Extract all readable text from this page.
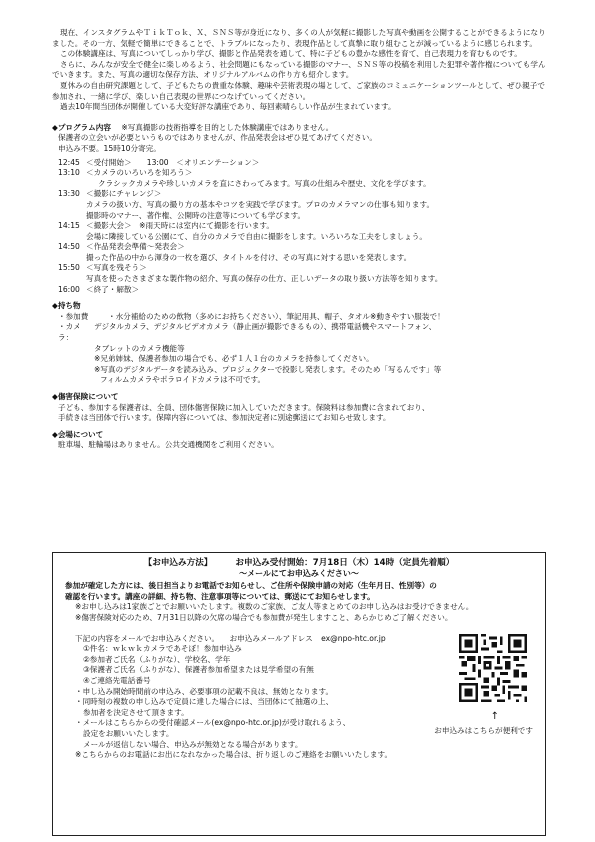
現在、インスタグラムやＴｉｋＴｏｋ、Ｘ、ＳＮＳ等が身近になり、多くの人が気軽に撮影した写真や動画を公開することができるようになりました。その一方、気軽で簡単にできることで、トラブルになったり、表現作品として真摯に取り組むことが減っているように感じられます。

この体験講座は、写真についてしっかり学び、撮影と作品発表を通して、特に子どもの豊かな感性を育て、自己表現力を育むものです。

さらに、みんなが安全で健全に楽しめるよう、社会問題にもなっている撮影のマナー、ＳＮＳ等の投稿を利用した犯罪や著作権についても学んでいきます。また、写真の適切な保存方法、オリジナルアルバムの作り方も紹介します。

夏休みの自由研究課題として、子どもたちの貴重な体験、趣味や芸術表現の場として、ご家族のコミュニケーションツールとして、ぜひ親子で参加され、一緒に学び、楽しい自己表現の世界につなげていってください。

過去10年間当団体が開催している大変好評な講座であり、毎回素晴らしい作品が生まれています。

◆プログラム内容 ※写真撮影の技術指導を目的とした体験講座ではありません。

保護者の立会いが必要というものではありませんが、作品発表会はぜひ見てあげてください。

申込み不要。15時10分寄完。

12:45 ＜受付開始＞　　13:00　＜オリエンテーション＞
13:10 ＜カメラのいろいろを知ろう＞

クラシックカメラや珍しいカメラを直にさわってみます。写真の仕組みや歴史、文化を学びます。

13:30 ＜撮影にチャレンジ＞

カメラの扱い方、写真の撮り方の基本やコツを実践で学びます。プロのカメラマンの仕事も知ります。

撮影時のマナー、著作権、公開時の注意等についても学びます。

14:15 ＜撮影大会＞　※雨天時には室内にて撮影を行います。

会場に隣接している公園にて、自分のカメラで自由に撮影をします。いろいろな工夫をしましょう。

14:50 ＜作品発表会準備～発表会＞

撮った作品の中から渾身の一枚を選び、タイトルを付け、その写真に対する思いを発表します。

15:50 ＜写真を残そう＞

写真を使ったさまざまな製作物の紹介、写真の保存の仕方、正しいデータの取り扱い方法等を知ります。

16:00 ＜終了・解散＞

◆持ち物

・参加費	・水分補給のための飲物（多めにお持ちください）、筆記用具、帽子、タオル※動きやすい服装で！
・カメラ：
デジタルカメラ、デジタルビデオカメラ（静止画が撮影できるもの）、携帯電話機やスマートフォン、

タブレットのカメラ機能等

※兄弟姉妹、保護者参加の場合でも、必ず１人１台のカメラを持参してください。

※写真のデジタルデータを読み込み、プロジェクターで投影し発表します。そのため「写るんです」等

フィルムカメラやポラロイドカメラは不可です。

◆傷害保険について

子ども、参加する保護者は、全員、団体傷害保険に加入していただきます。保険料は参加費に含まれており、

手続きは当団体で行います。保障内容については、参加決定者に別途郵送にてお知らせ致します。

◆会場について

駐車場、駐輪場はありません。公共交通機関をご利用ください。

【お申込み方法】	お申込み受付開始：7月18日（木）14時（定員先着順）

～メールにてお申込みください～

参加が確定した方には、後日担当よりお電話でお知らせし、ご住所や保険申請の対応（生年月日、性別等）の

確認を行います。講座の詳細、持ち物、注意事項等については、郵送にてお知らせします。

※お申し込みは1家族ごとでお願いいたします。複数のご家族、ご友人等まとめてのお申し込みはお受けできません。

※傷害保険対応のため、7月31日以降の欠席の場合でも参加費が発生しますこと、あらかじめご了解ください。

下記の内容をメールでお申込みください。 お申込みメールアドレス ex@npo-htc.or.jp

①件名：ｗｋｗｋカメラであそぼ！参加申込み

②参加者ご氏名（ふりがな）、学校名、学年

③保護者ご氏名（ふりがな）、保護者参加希望または見学希望の有無

④ご連絡先電話番号

・申し込み開始時間前の申込み、必要事項の記載不良は、無効となります。

・同時刻の複数の申し込みで定員に達した場合には、当団体にて抽選の上、

参加者を決定させて頂きます。

・メールはこちらからの受付確認メール(ex@npo-htc.or.jp)が受け取れるよう、

設定をお願いいたします。

メールが返信しない場合、申込みが無効となる場合があります。

※こちらからのお電話にお出になれなかった場合は、折り返しのご連絡をお願いいたします。

↑
お申込みはこちらが便利です
